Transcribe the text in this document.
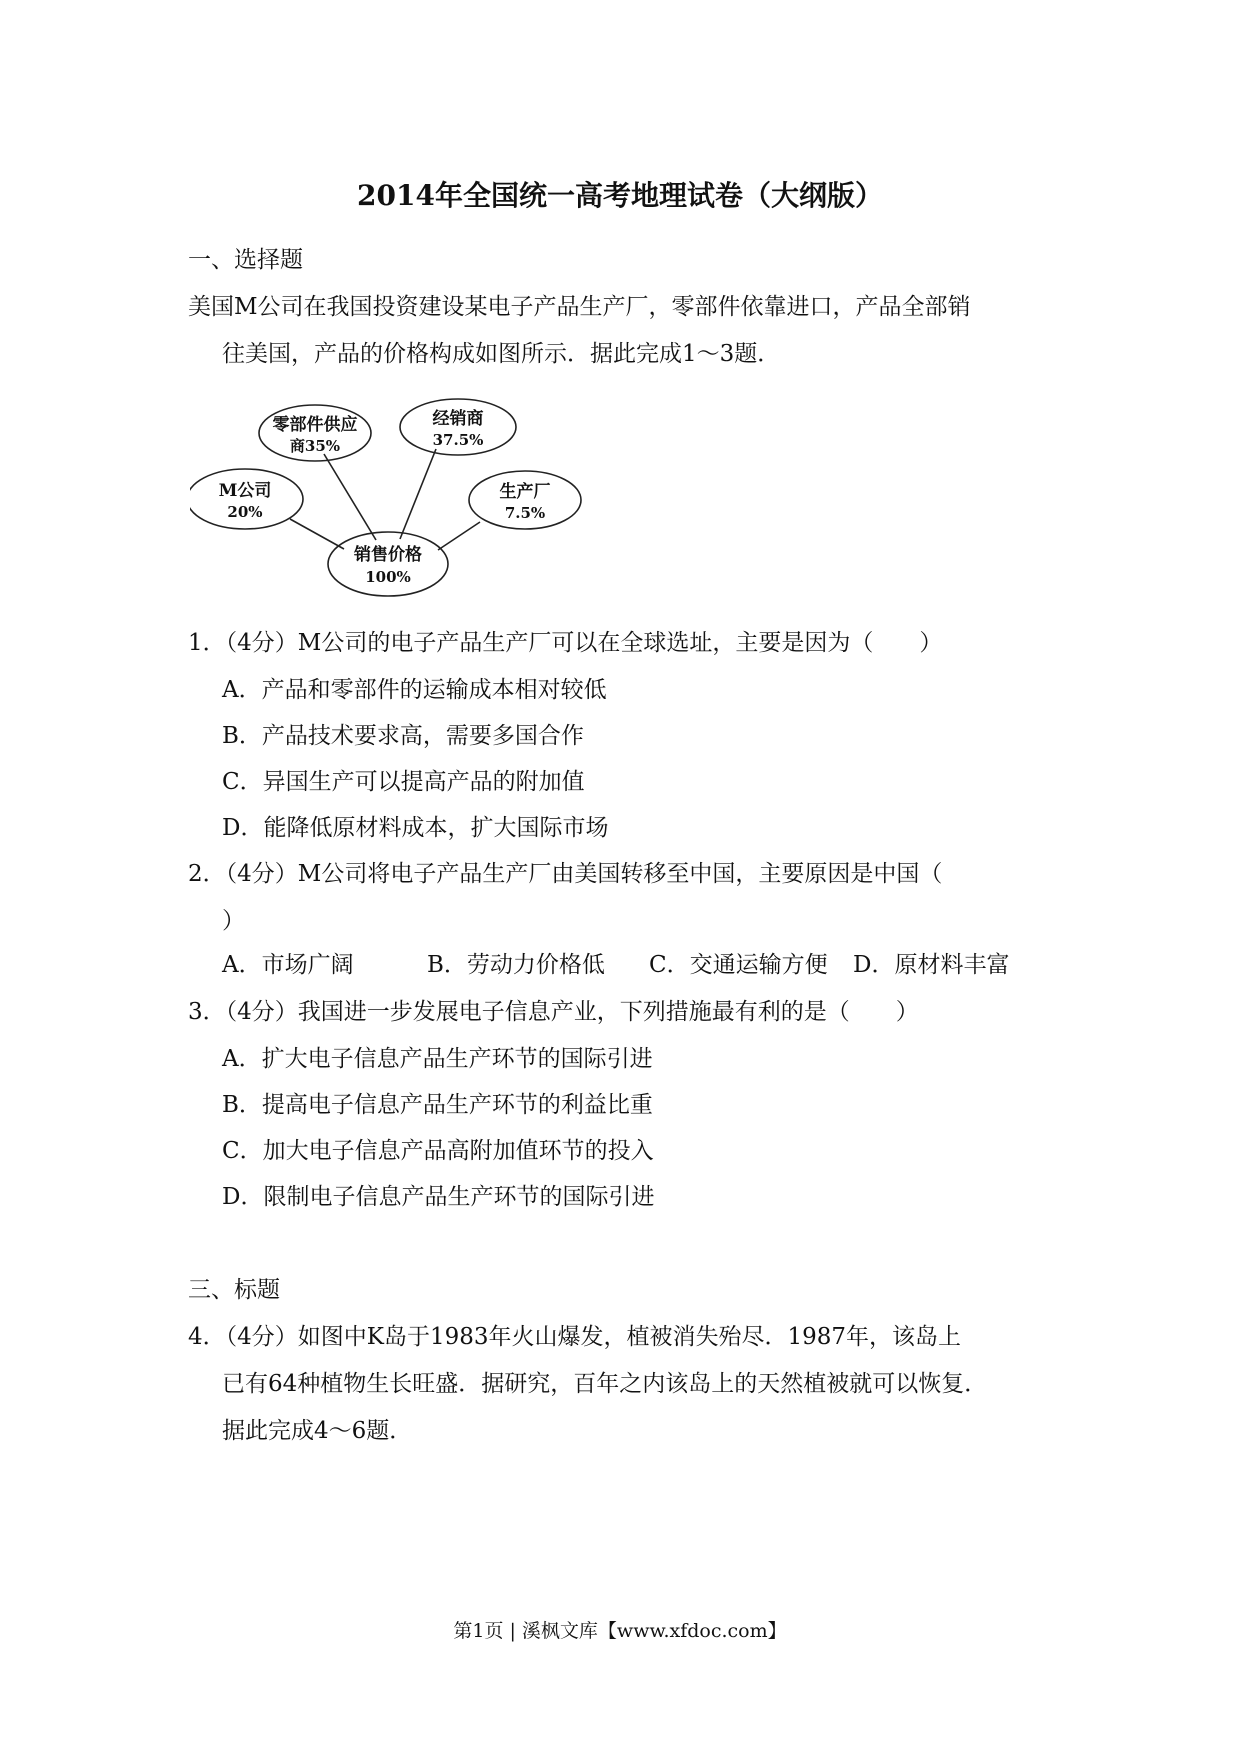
2014年全国统一高考地理试卷（大纲版）
一、选择题
美国M公司在我国投资建设某电子产品生产厂，零部件依靠进口，产品全部销
往美国，产品的价格构成如图所示．据此完成1～3题．
零部件供应
商35%
经销商
37.5%
M公司
20%
生产厂
7.5%
销售价格
100%
1．（4分）M公司的电子产品生产厂可以在全球选址，主要是因为（　　）
A．产品和零部件的运输成本相对较低
B．产品技术要求高，需要多国合作
C．异国生产可以提高产品的附加值
D．能降低原材料成本，扩大国际市场
2．（4分）M公司将电子产品生产厂由美国转移至中国，主要原因是中国（
）
A．市场广阔	B．劳动力价格低 C．交通运输方便 D．原材料丰富
3．（4分）我国进一步发展电子信息产业，下列措施最有利的是（　　）
A．扩大电子信息产品生产环节的国际引进
B．提高电子信息产品生产环节的利益比重
C．加大电子信息产品高附加值环节的投入
D．限制电子信息产品生产环节的国际引进
三、标题
4．（4分）如图中K岛于1983年火山爆发，植被消失殆尽．1987年，该岛上
已有64种植物生长旺盛．据研究，百年之内该岛上的天然植被就可以恢复．
据此完成4～6题．
第1页 | 溪枫文库【www.xfdoc.com】
